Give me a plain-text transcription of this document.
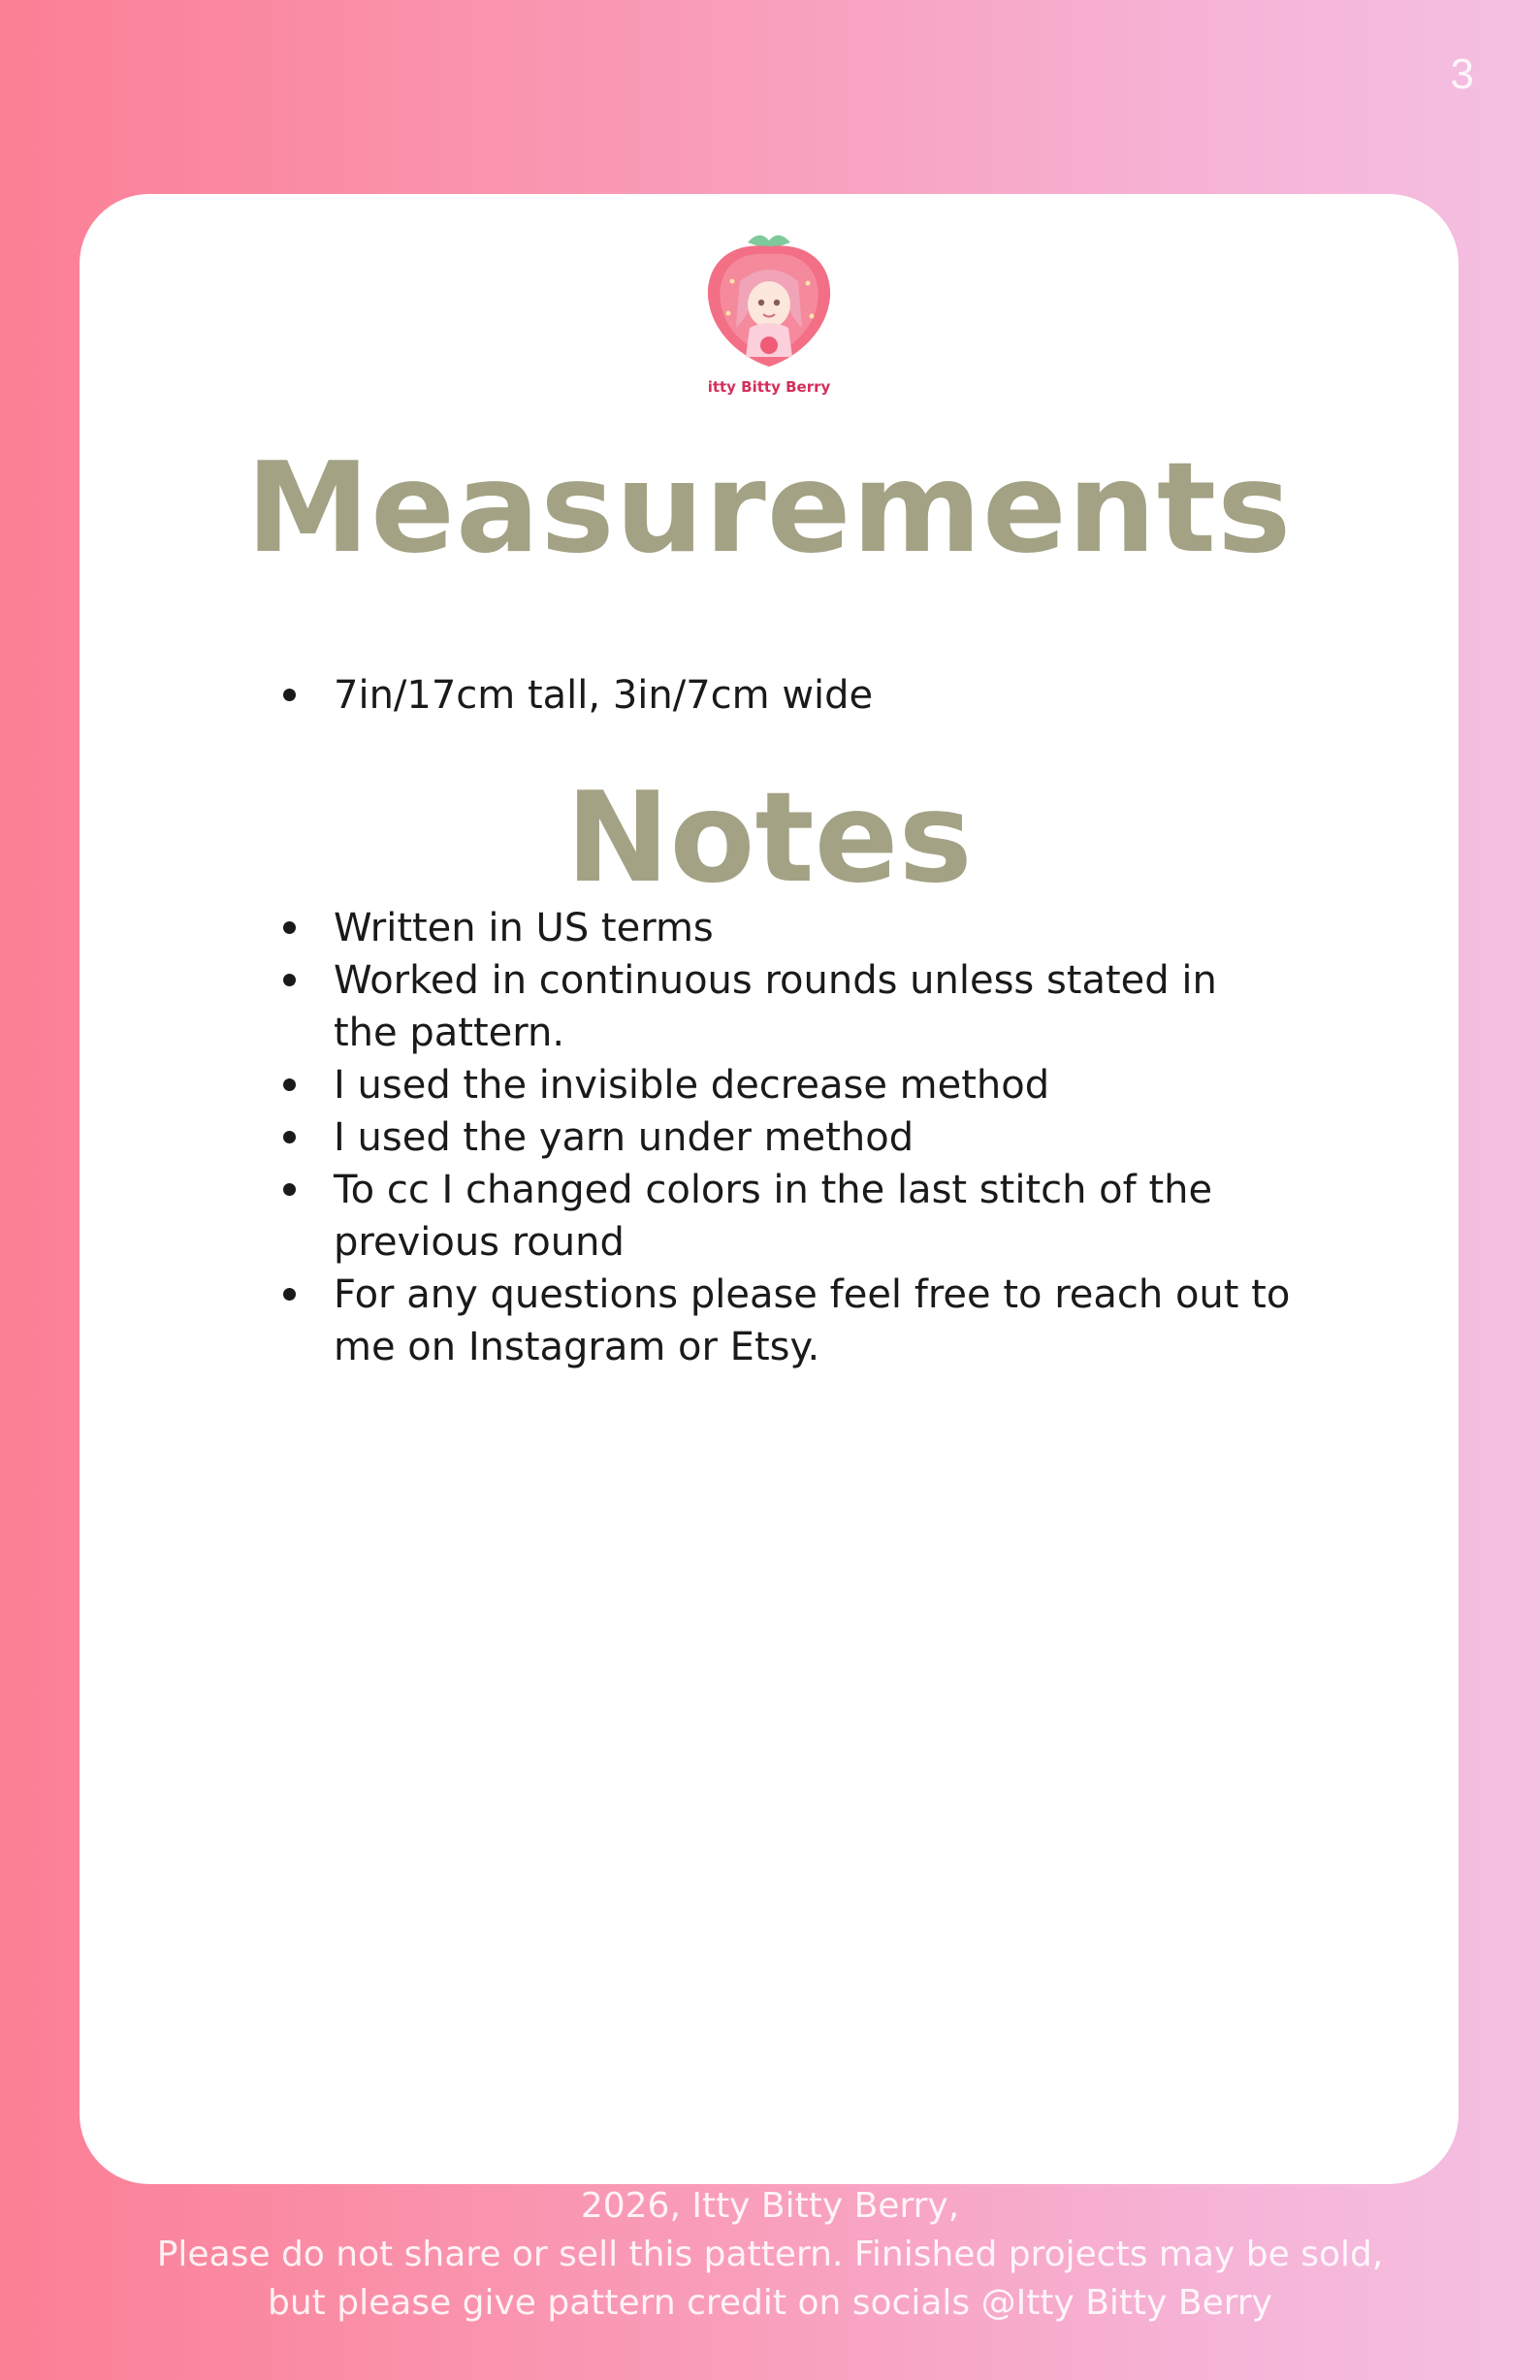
3
itty Bitty Berry
Measurements
7in/17cm tall, 3in/7cm wide
Notes
Written in US terms
Worked in continuous rounds unless stated in the pattern.
I used the invisible decrease method
I used the yarn under method
To cc I changed colors in the last stitch of the previous round
For any questions please feel free to reach out to me on Instagram or Etsy.
2026, Itty Bitty Berry,
Please do not share or sell this pattern. Finished projects may be sold,
but please give pattern credit on socials @Itty Bitty Berry
